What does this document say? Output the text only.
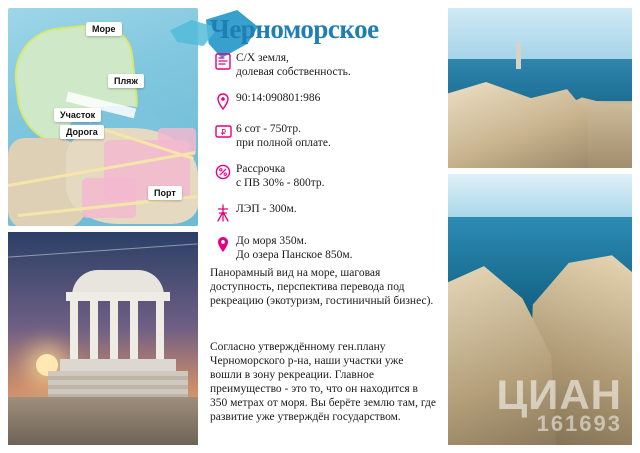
Море
Пляж
Участок
Дорога
Порт
Черноморское
С/Х земля,
долевая собственность.
90:14:090801:986
₽ 6 сот - 750тр.
при полной оплате.
Рассрочка
с ПВ 30% - 800тр.
ЛЭП - 300м.
До моря 350м.
До озера Панское 850м.
Панорамный вид на море, шаговая доступность, перспектива перевода под рекреацию (экотуризм, гостиничный бизнес).
Согласно утверждённому ген.плану Черноморского р-на, наши участки уже вошли в зону рекреации. Главное преимущество - это то, что он находится в 350 метрах от моря. Вы берёте землю там, где развитие уже утверждён государством.	ЦИАН
161693
